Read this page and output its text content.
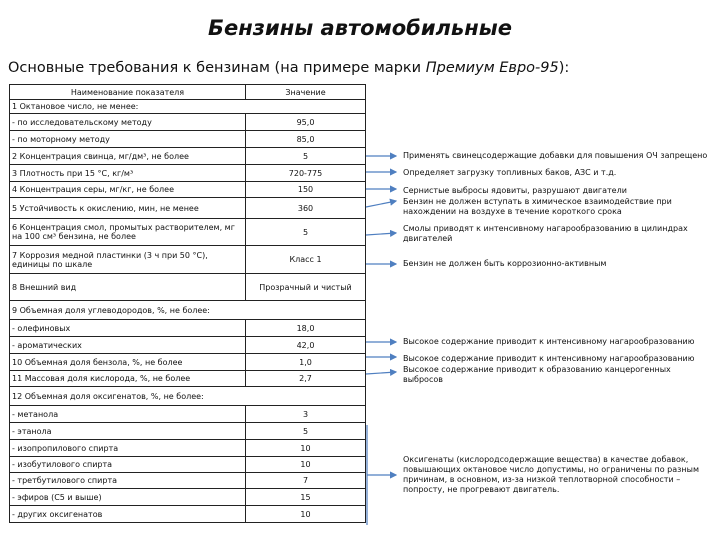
Бензины автомобильные
Основные требования к бензинам (на примере марки Премиум Евро-95):
Наименование показателя	Значение
1 Октановое число, не менее:	
- по исследовательскому методу	95,0
- по моторному методу	85,0
2 Концентрация свинца, мг/дм³, не более	5
3 Плотность при 15 °С, кг/м³	720-775
4 Концентрация серы, мг/кг, не более	150
5 Устойчивость к окислению, мин, не менее	360
6 Концентрация смол, промытых растворителем, мг на 100 см³ бензина, не более	5
7 Коррозия медной пластинки (3 ч при 50 °С), единицы по шкале	Класс 1
8 Внешний вид	Прозрачный и чистый
9 Объемная доля углеводородов, %, не более:	
- олефиновых	18,0
- ароматических	42,0
10 Объемная доля бензола, %, не более	1,0
11 Массовая доля кислорода, %, не более	2,7
12 Объемная доля оксигенатов, %, не более:	
- метанола	3
- этанола	5
- изопропилового спирта	10
- изобутилового спирта	10
- третбутилового спирта	7
- эфиров (С5 и выше)	15
- других оксигенатов	10
Применять свинецсодержащие добавки для повышения ОЧ запрещено
Определяет загрузку топливных баков, АЗС и т.д.
Сернистые выбросы ядовиты, разрушают двигатели
Бензин не должен вступать в химическое взаимодействие при нахождении на воздухе в течение короткого срока
Смолы приводят к интенсивному нагарообразованию в цилиндрах двигателей
Бензин не должен быть коррозионно-активным
Высокое содержание приводит к интенсивному нагарообразованию
Высокое содержание приводит к интенсивному нагарообразованию
Высокое содержание приводит к образованию канцерогенных выбросов
Оксигенаты (кислородсодержащие вещества) в качестве добавок, повышающих октановое число допустимы, но ограничены по разным причинам, в основном, из-за низкой теплотворной способности – попросту, не прогревают двигатель.
